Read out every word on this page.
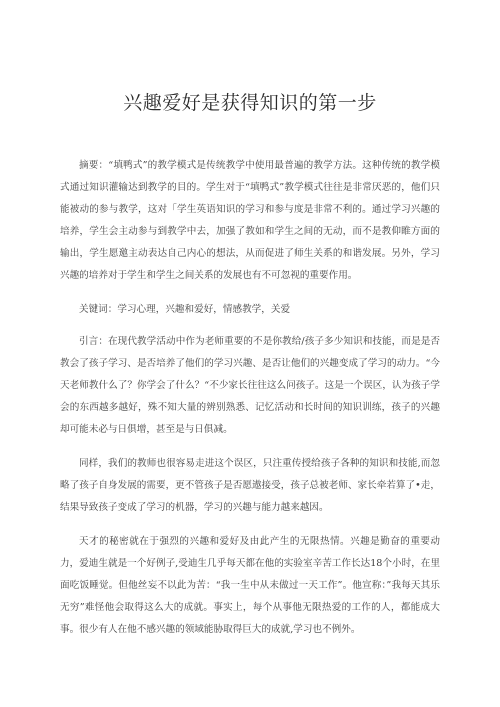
兴趣爱好是获得知识的第一步

摘要：“填鸭式”的教学模式是传统教学中使用最普遍的教学方法。这种传统的教学模式通过知识灌输达到教学的目的。学生对于“填鸭式”教学模式往往是非常厌恶的，他们只能被动的参与教学，这对「学生英语知识的学习和参与度是非常不利的。通过学习兴趣的培养，学生会主动参与到教学中去，加强了教如和学生之间的无动，而不是教仰睢方面的输出，学生愿邀主动表达自己内心的想法，从而促进了师生关系的和谐发展。另外，学习兴趣的培养对于学生和学生之间关系的发展也有不可忽视的重要作用。

关键词：学习心理，兴趣和爱好，情感教学，关爱

引言：在现代教学活动中作为老师重要的不是你教给/孩子多少知识和技能，而是是否教会了孩子学习、是否培养了他们的学习兴趣、是否让他们的兴趣变成了学习的动力。“今天老师教什么了？你学会了什么？“不少家长往往这么问孩子。这是一个误区，认为孩子学会的东西越多越好，殊不知大量的辨别熟悉、记忆活动和长时间的知识训练，孩子的兴趣却可能未必与日俱增，甚至是与日俱减。

同样，我们的教师也很容易走进这个误区，只注重传授给孩子各种的知识和技能,而忽略了孩子自身发展的需要，更不管孩子是否愿遨接受，孩子总被老师、家长牵若算了•走，结果导致孩子变成了学习的机器，学习的兴趣与能力越来越因。

天才的秘密就在于强烈的兴趣和爱好及由此产生的无限热情。兴趣是勤奋的重要动力，爱迪生就是一个好例子,受迪生几乎每天都在他的实验室辛苦工作长达18个小时，在里面吃饭睡觉。但他丝妄不以此为苦：“我一生中从未做过一天工作”。他宣称：”我每天其乐无穷”难怪他会取得这么大的成就。事实上，每个从事他无限热爱的工作的人，都能成大事。很少有人在他不感兴趣的领域能胁取得巨大的成就,学习也不例外。
